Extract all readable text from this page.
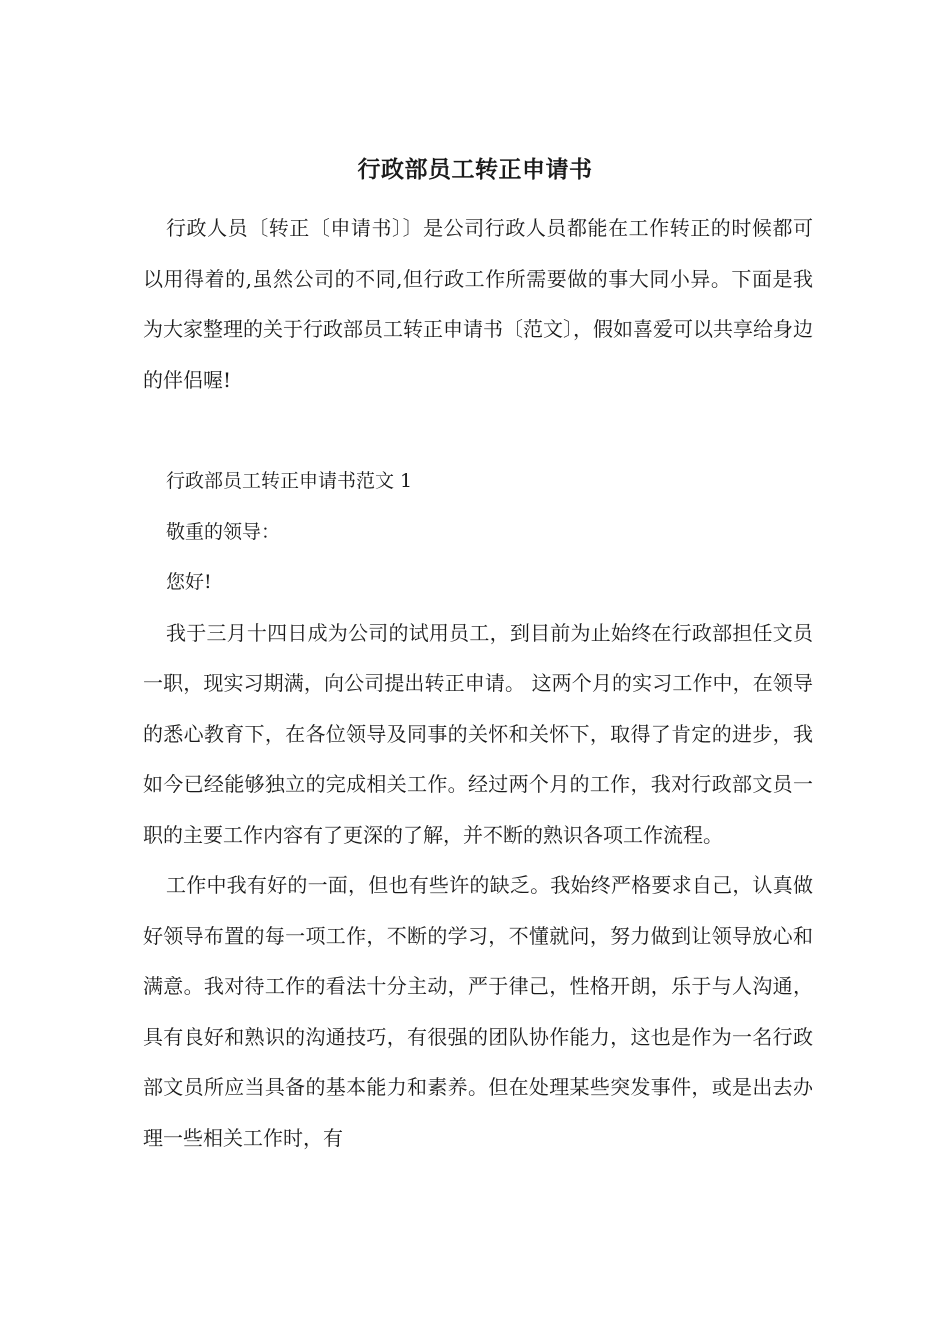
行政部员工转正申请书

行政人员〔转正〔申请书〕〕是公司行政人员都能在工作转正的时候都可以用得着的,虽然公司的不同,但行政工作所需要做的事大同小异。下面是我为大家整理的关于行政部员工转正申请书〔范文〕，假如喜爱可以共享给身边的伴侣喔!

行政部员工转正申请书范文 1

敬重的领导：

您好!

我于三月十四日成为公司的试用员工，到目前为止始终在行政部担任文员一职，现实习期满，向公司提出转正申请。 这两个月的实习工作中，在领导的悉心教育下，在各位领导及同事的关怀和关怀下，取得了肯定的进步，我如今已经能够独立的完成相关工作。经过两个月的工作，我对行政部文员一职的主要工作内容有了更深的了解，并不断的熟识各项工作流程。

工作中我有好的一面，但也有些许的缺乏。我始终严格要求自己，认真做好领导布置的每一项工作，不断的学习，不懂就问，努力做到让领导放心和满意。我对待工作的看法十分主动，严于律己，性格开朗，乐于与人沟通，具有良好和熟识的沟通技巧，有很强的团队协作能力，这也是作为一名行政部文员所应当具备的基本能力和素养。但在处理某些突发事件，或是出去办理一些相关工作时，有
